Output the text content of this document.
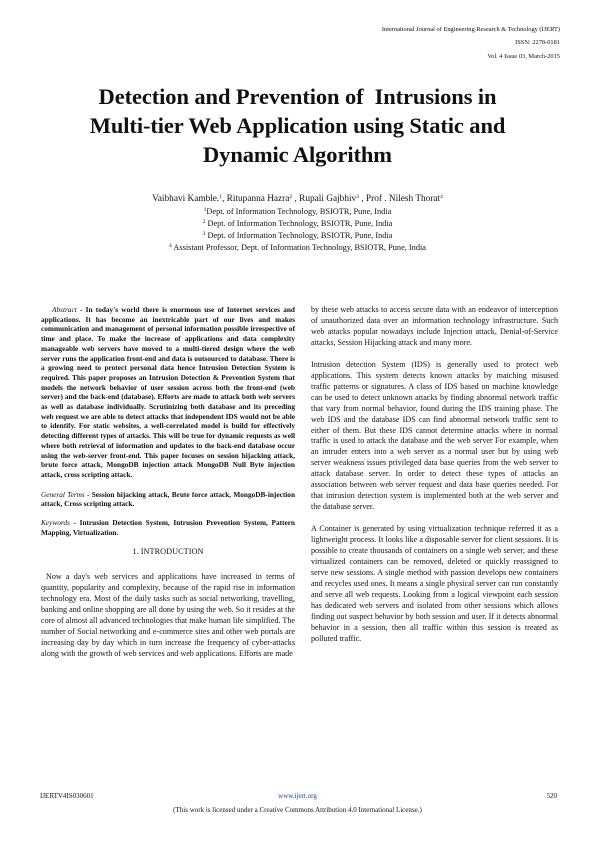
International Journal of Engineering Research & Technology (IJERT)
ISSN: 2278-0181
Vol. 4 Issue 03, March-2015
Detection and Prevention of  Intrusions in
Multi-tier Web Application using Static and
Dynamic Algorithm
Vaibhavi Kamble.$^1$, Ritupanna Hazra$^2$ , Rupali Gajbhiv$^3$ , Prof . Nilesh Thorat$^4$
$^1$Dept. of Information Technology, BSIOTR, Pune, India
$^2$ Dept. of Information Technology, BSIOTR, Pune, India
$^3$ Dept. of Information Technology, BSIOTR, Pune, India
$^4$ Assistant Professor, Dept. of Information Technology, BSIOTR, Pune, India

Abstract - In today's world there is enormous use of Internet services and applications. It has become an inextricable part of our lives and makes communication and management of personal information possible irrespective of time and place. To make the increase of applications and data complexity manageable web servers have moved to a multi-tiered design where the web server runs the application front-end and data is outsourced to database. There is a growing need to protect personal data hence Intrusion Detection System is required. This paper proposes an Intrusion Detection & Prevention System that models the network behavior of user session across both the front-end (web server) and the back-end (database). Efforts are made to attack both web servers as well as database individually. Scrutinizing both database and its preceding web request we are able to detect attacks that independent IDS would not be able to identify. For static websites, a well-correlated model is build for effectively detecting different types of attacks. This will be true for dynamic requests as well where both retrieval of information and updates to the back-end database occur using the web-server front-end. This paper focuses on session hijacking attack, brute force attack, MongoDB injection attack MongoDB Null Byte injection attack, cross scripting attack.

General Terms - Session hijacking attack, Brute force attack, MongoDB-injection attack, Cross scripting attack.

Keywords - Intrusion Detection System, Intrusion Prevention System, Pattern Mapping, Virtualization.

1. INTRODUCTION

Now a day's web services and applications have increased in terms of quantity, popularity and complexity, because of the rapid rise in information technology era. Most of the daily tasks such as social networking, travelling, banking and online shopping are all done by using the web. So it resides at the core of almost all advanced technologies that make human life simplified. The number of Social networking and e-commerce sites and other web portals are increasing day by day which in turn increase the frequency of cyber-attacks along with the growth of web services and web applications. Efforts are made

by these web attacks to access secure data with an endeavor of interception of unauthorized data over an information technology infrastructure. Such web attacks popular nowadays include Injection attack, Denial-of-Service attacks, Session Hijacking attack and many more.

Intrusion detection System (IDS) is generally used to protect web applications. This system detects known attacks by matching misused traffic patterns or signatures. A class of IDS based on machine knowledge can be used to detect unknown attacks by finding abnormal network traffic that vary from normal behavior, found during the IDS training phase. The web IDS and the database IDS can find abnormal network traffic sent to either of them. But these IDS cannot determine attacks where in normal traffic is used to attack the database and the web server For example, when an intruder enters into a web server as a normal user but by using web server weakness issues privileged data base queries from the web server to attack database server. In order to detect these types of attacks an association between web server request and data base queries needed. For that intrusion detection system is implemented both at the web server and the database server.

A Container is generated by using virtualization technique referred it as a lightweight process. It looks like a disposable server for client sessions. It is possible to create thousands of containers on a single web server, and these virtualized containers can be removed, deleted or quickly reassigned to serve new sessions. A single method with passion develops new containers and recycles used ones. It means a single physical server can run constantly and serve all web requests. Looking from a logical viewpoint each session has dedicated web servers and isolated from other sessions which allows finding out suspect behavior by both session and user. If it detects abnormal behavior in a session, then all traffic within this session is treated as polluted traffic.

IJERTV4IS030601	www.ijert.org	520
(This work is licensed under a Creative Commons Attribution 4.0 International License.)
